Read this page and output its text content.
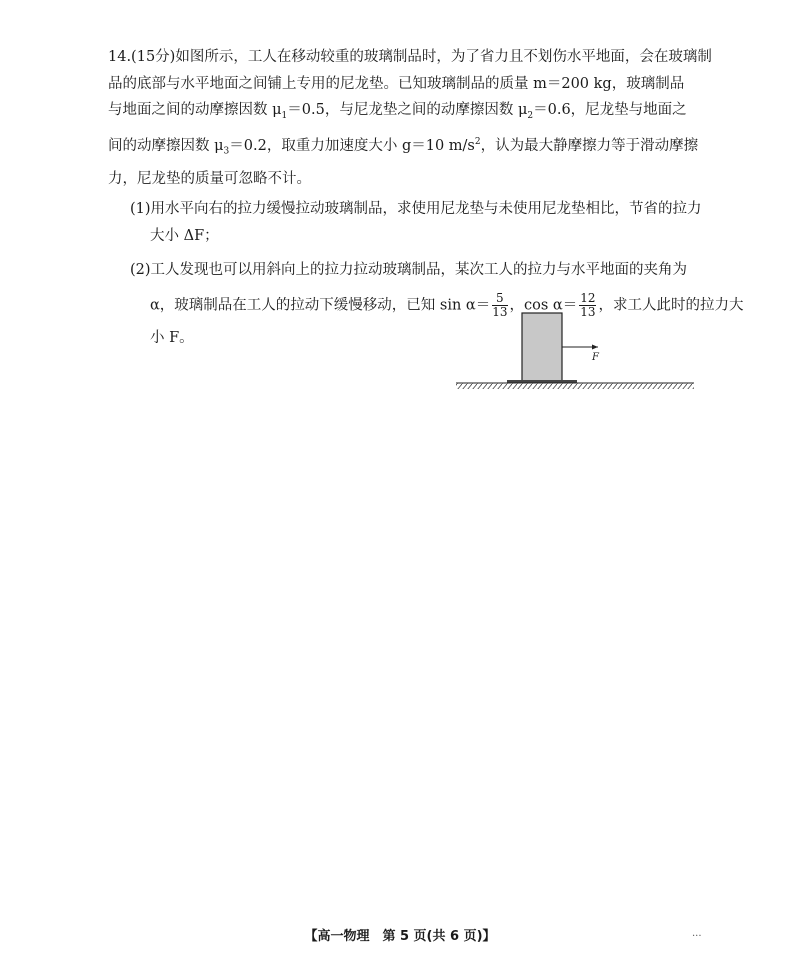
14.(15分)如图所示，工人在移动较重的玻璃制品时，为了省力且不划伤水平地面，会在玻璃制
品的底部与水平地面之间铺上专用的尼龙垫。已知玻璃制品的质量 m＝200 kg，玻璃制品
与地面之间的动摩擦因数 $\mu_1=0.5$，与尼龙垫之间的动摩擦因数 $\mu_2=0.6$，尼龙垫与地面之
间的动摩擦因数 $\mu_3=0.2$，取重力加速度大小 g＝10 $m/s^2$，认为最大静摩擦力等于滑动摩擦
力，尼龙垫的质量可忽略不计。
(1)用水平向右的拉力缓慢拉动玻璃制品，求使用尼龙垫与未使用尼龙垫相比，节省的拉力
大小 ΔF；
(2)工人发现也可以用斜向上的拉力拉动玻璃制品，某次工人的拉力与水平地面的夹角为
α，玻璃制品在工人的拉动下缓慢移动，已知 $\sin \alpha= \frac{5}{13}$ ，$\cos \alpha= \frac{12}{13}$ ，求工人此时的拉力大
小 F。
F
【高一物理　第 5 页(共 6 页)】	...
